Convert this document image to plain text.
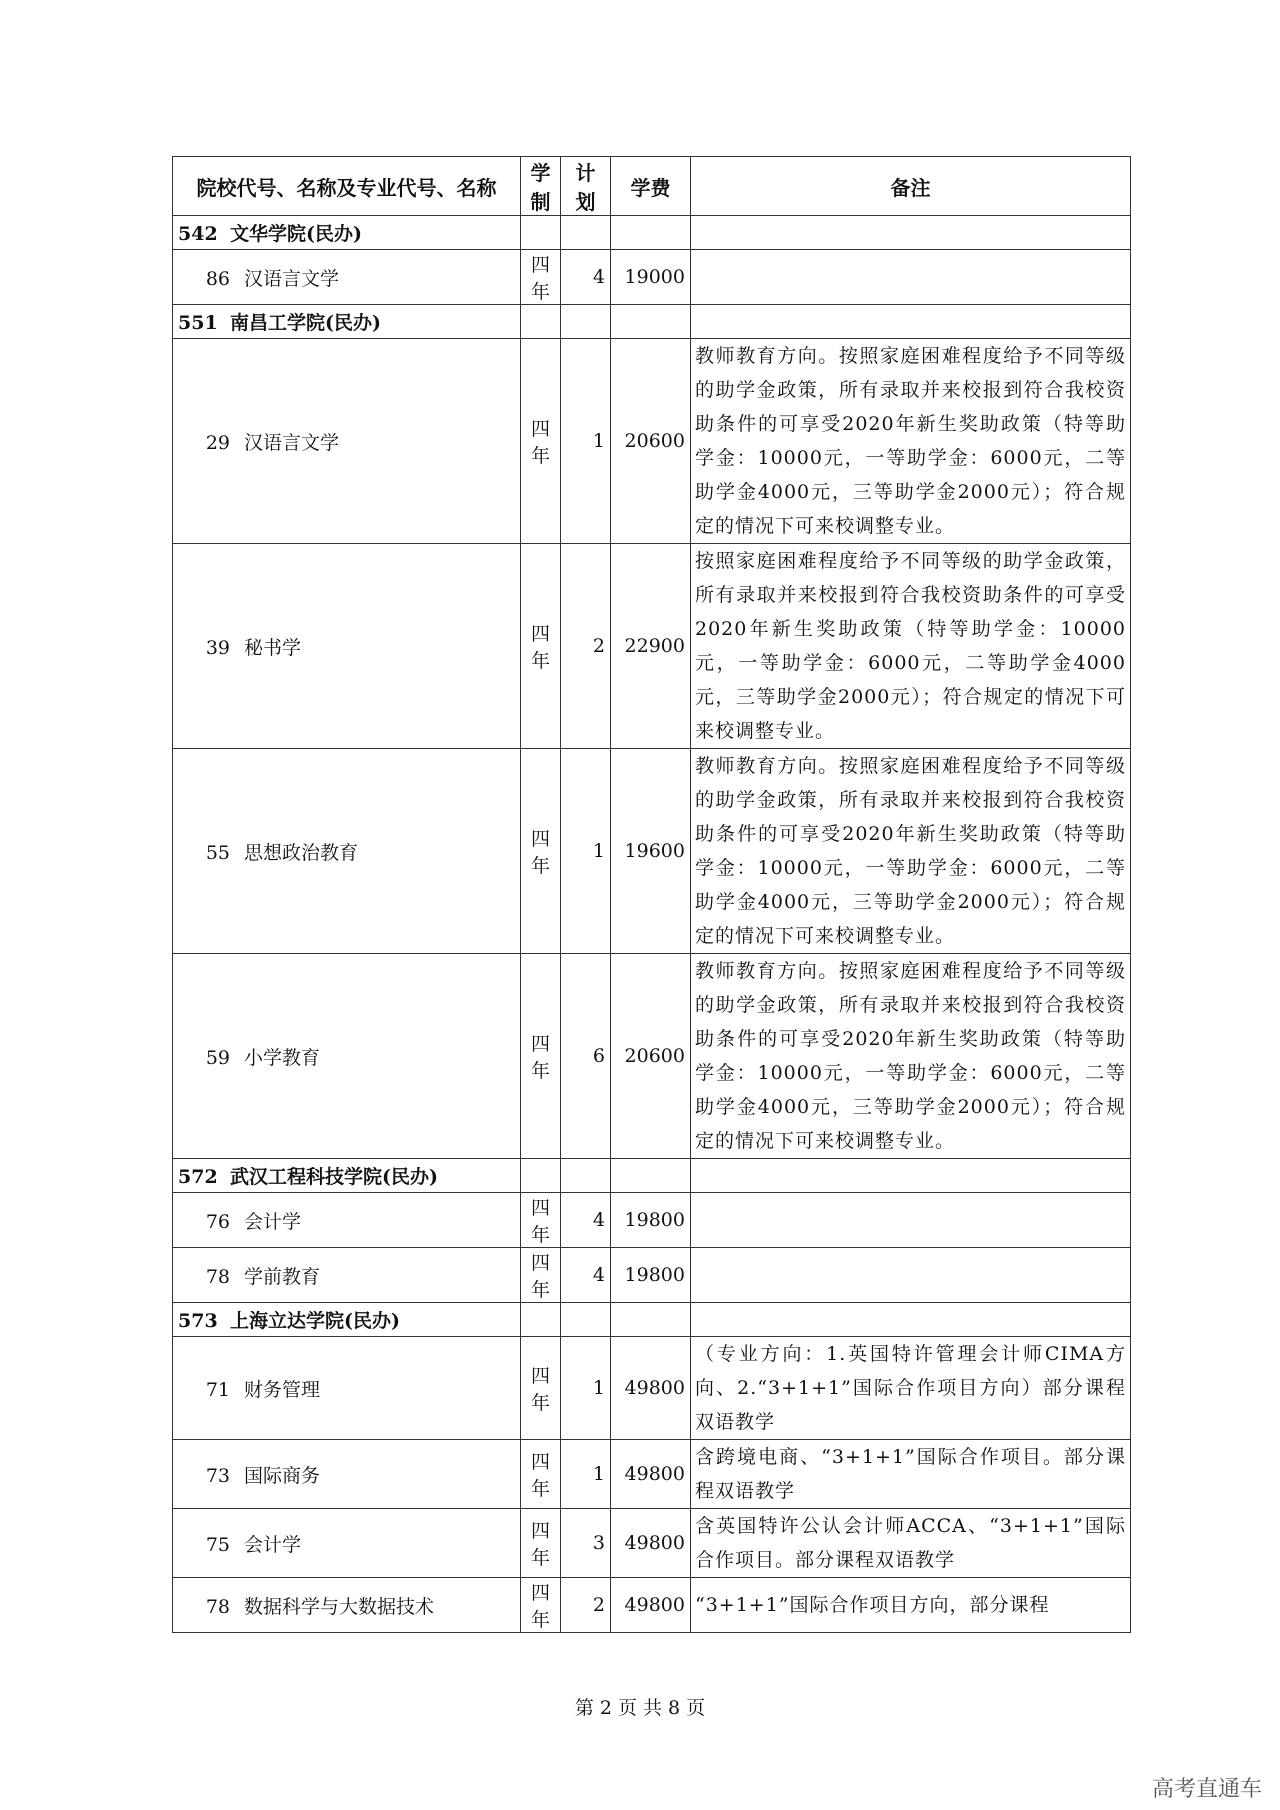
院校代号、名称及专业代号、名称	学制	计划	学费	备注
542 文华学院(民办)				
86 汉语言文学	四年	4	19000	
551 南昌工学院(民办)				
29 汉语言文学	四年	1	20600	教师教育方向。按照家庭困难程度给予不同等级的助学金政策，所有录取并来校报到符合我校资助条件的可享受2020年新生奖助政策（特等助学金：10000元，一等助学金：6000元，二等助学金4000元，三等助学金2000元）；符合规定的情况下可来校调整专业。
39 秘书学	四年	2	22900	按照家庭困难程度给予不同等级的助学金政策，所有录取并来校报到符合我校资助条件的可享受2020年新生奖助政策（特等助学金：10000元，一等助学金：6000元，二等助学金4000元，三等助学金2000元）；符合规定的情况下可来校调整专业。
55 思想政治教育	四年	1	19600	教师教育方向。按照家庭困难程度给予不同等级的助学金政策，所有录取并来校报到符合我校资助条件的可享受2020年新生奖助政策（特等助学金：10000元，一等助学金：6000元，二等助学金4000元，三等助学金2000元）；符合规定的情况下可来校调整专业。
59 小学教育	四年	6	20600	教师教育方向。按照家庭困难程度给予不同等级的助学金政策，所有录取并来校报到符合我校资助条件的可享受2020年新生奖助政策（特等助学金：10000元，一等助学金：6000元，二等助学金4000元，三等助学金2000元）；符合规定的情况下可来校调整专业。
572 武汉工程科技学院(民办)				
76 会计学	四年	4	19800	
78 学前教育	四年	4	19800	
573 上海立达学院(民办)				
71 财务管理	四年	1	49800	（专业方向：1.英国特许管理会计师CIMA方向、2.“3+1+1”国际合作项目方向）部分课程双语教学
73 国际商务	四年	1	49800	含跨境电商、“3+1+1”国际合作项目。部分课程双语教学
75 会计学	四年	3	49800	含英国特许公认会计师ACCA、“3+1+1”国际合作项目。部分课程双语教学
78 数据科学与大数据技术	四年	2	49800	“3+1+1”国际合作项目方向，部分课程
第 2 页 共 8 页
高考直通车
